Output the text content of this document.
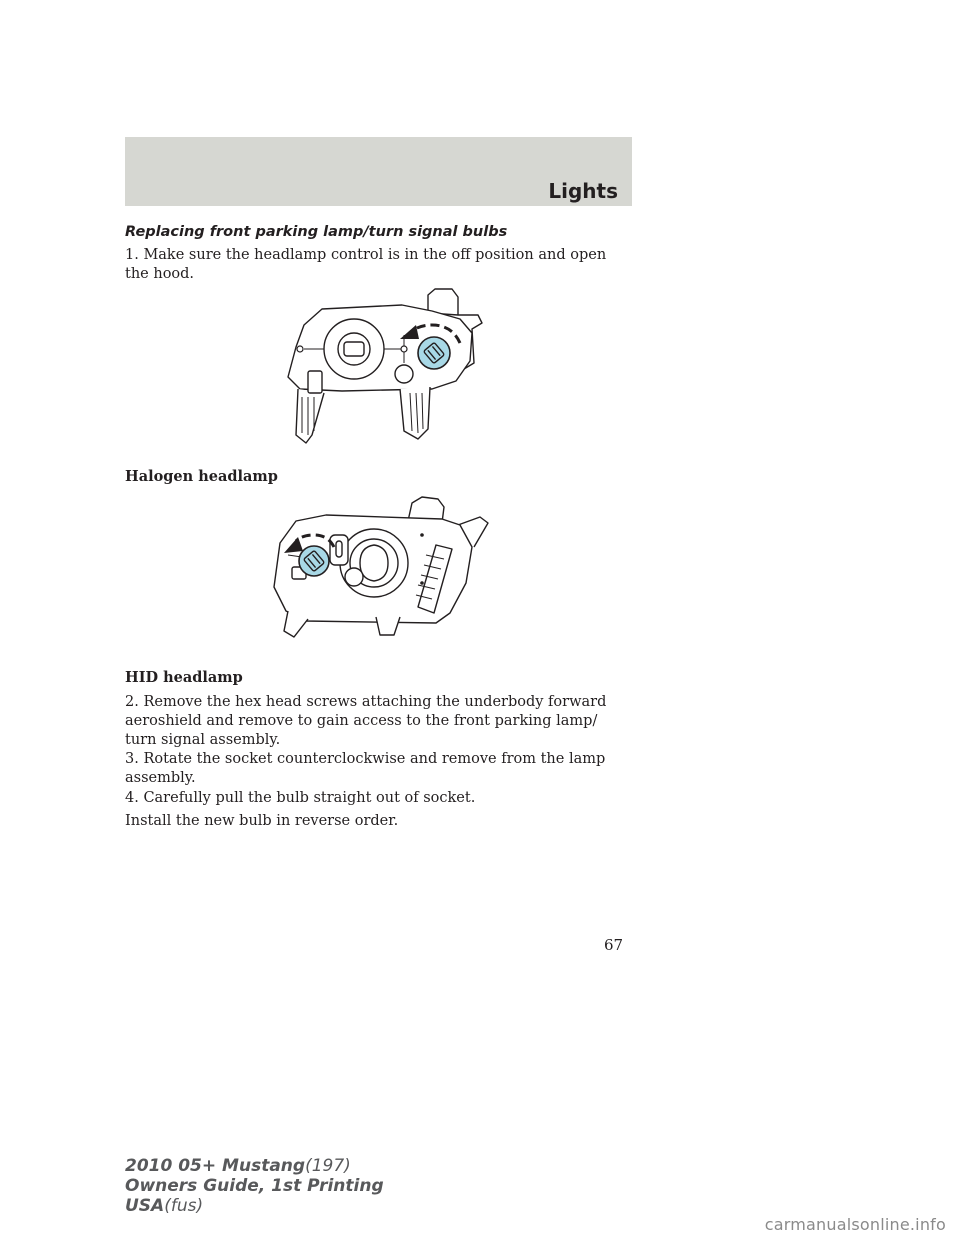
Lights
Replacing front parking lamp/turn signal bulbs

1. Make sure the headlamp control is in the off position and open the hood.

Halogen headlamp

HID headlamp

2. Remove the hex head screws attaching the underbody forward aeroshield and remove to gain access to the front parking lamp/ turn signal assembly.

3. Rotate the socket counterclockwise and remove from the lamp assembly.

4. Carefully pull the bulb straight out of socket.

Install the new bulb in reverse order.

67
2010 05+ Mustang(197)
Owners Guide, 1st Printing
USA(fus)
carmanualsonline.info
